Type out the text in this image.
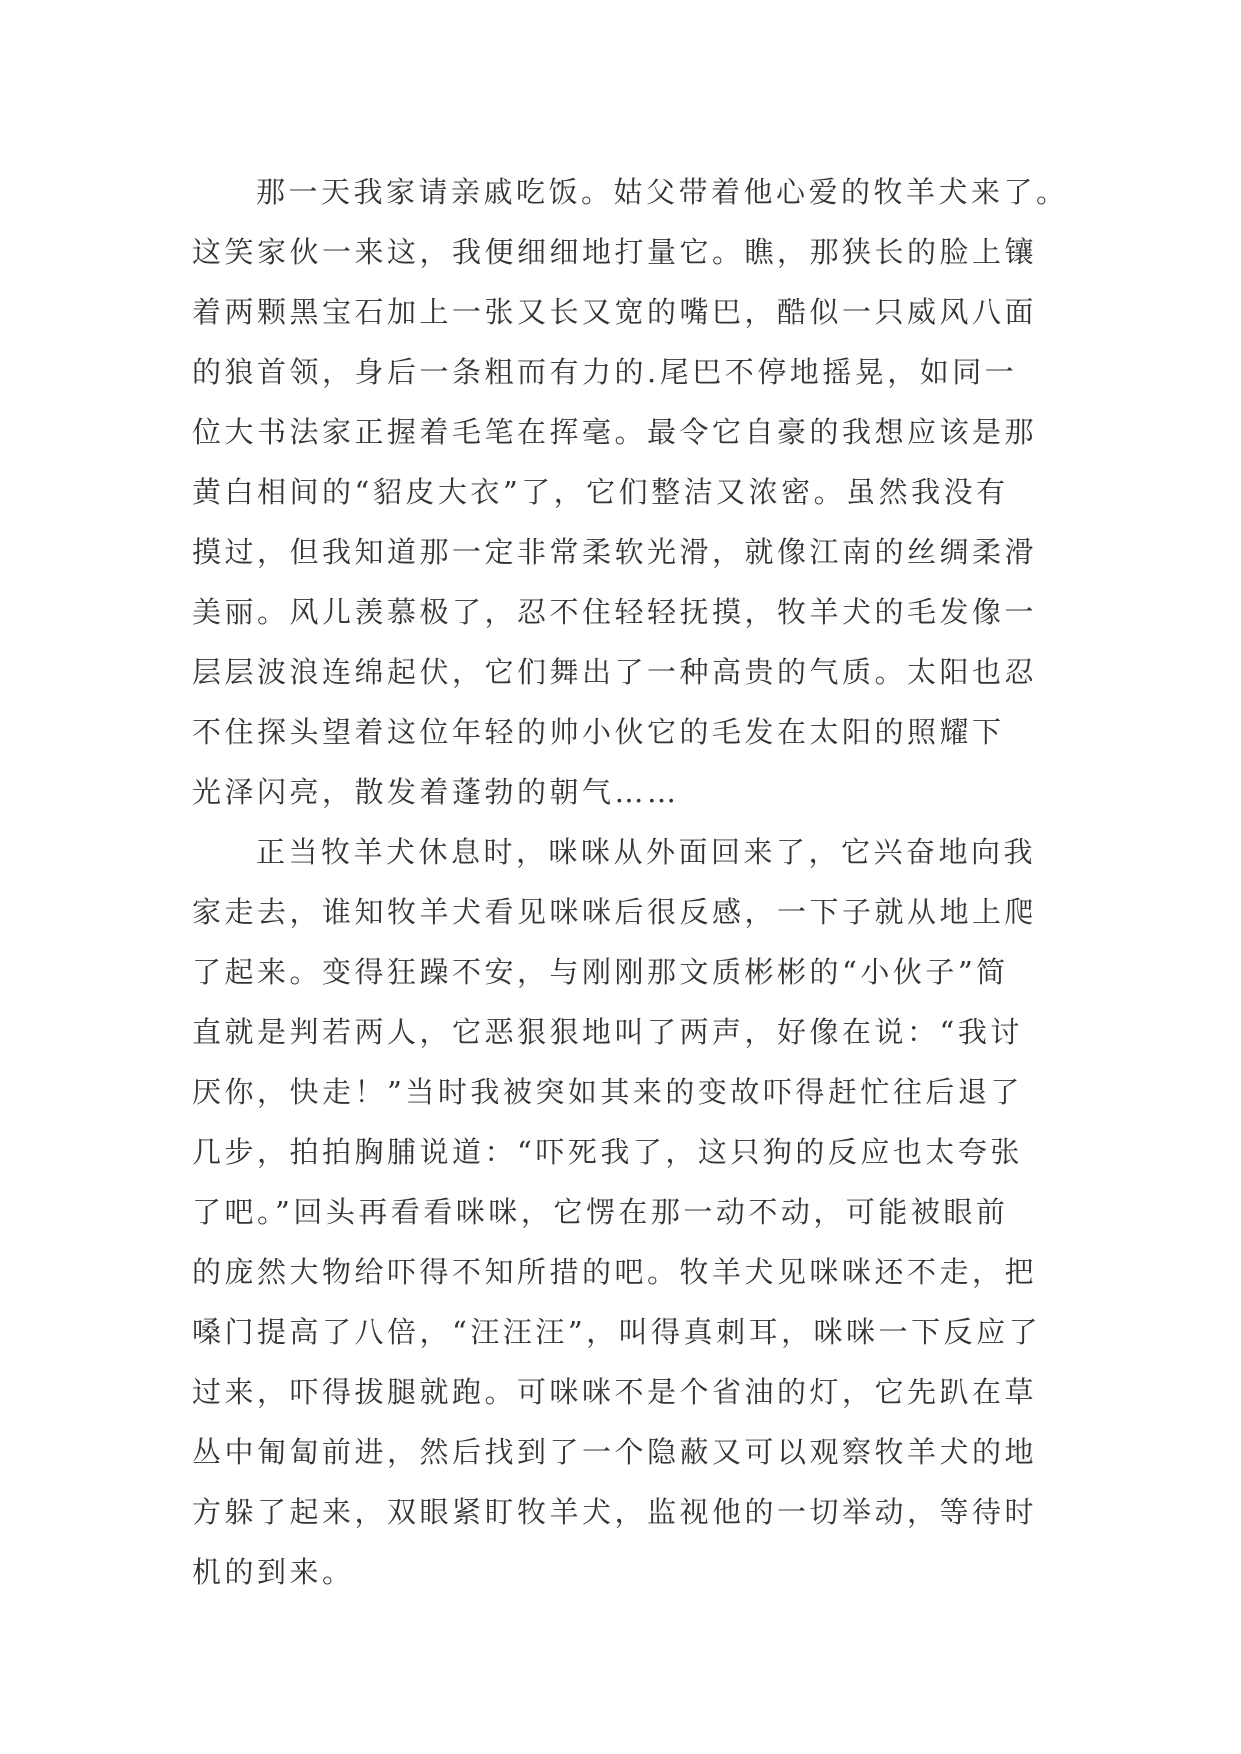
那一天我家请亲戚吃饭。姑父带着他心爱的牧羊犬来了。
这笑家伙一来这，我便细细地打量它。瞧，那狭长的脸上镶
着两颗黑宝石加上一张又长又宽的嘴巴，酷似一只威风八面
的狼首领，身后一条粗而有力的.尾巴不停地摇晃，如同一
位大书法家正握着毛笔在挥毫。最令它自豪的我想应该是那
黄白相间的“貂皮大衣”了，它们整洁又浓密。虽然我没有
摸过，但我知道那一定非常柔软光滑，就像江南的丝绸柔滑
美丽。风儿羡慕极了，忍不住轻轻抚摸，牧羊犬的毛发像一
层层波浪连绵起伏，它们舞出了一种高贵的气质。太阳也忍
不住探头望着这位年轻的帅小伙它的毛发在太阳的照耀下
光泽闪亮，散发着蓬勃的朝气……
正当牧羊犬休息时，咪咪从外面回来了，它兴奋地向我
家走去，谁知牧羊犬看见咪咪后很反感，一下子就从地上爬
了起来。变得狂躁不安，与刚刚那文质彬彬的“小伙子”简
直就是判若两人，它恶狠狠地叫了两声，好像在说：“我讨
厌你，快走！”当时我被突如其来的变故吓得赶忙往后退了
几步，拍拍胸脯说道：“吓死我了，这只狗的反应也太夸张
了吧。”回头再看看咪咪，它愣在那一动不动，可能被眼前
的庞然大物给吓得不知所措的吧。牧羊犬见咪咪还不走，把
嗓门提高了八倍，“汪汪汪”，叫得真刺耳，咪咪一下反应了
过来，吓得拔腿就跑。可咪咪不是个省油的灯，它先趴在草
丛中匍匐前进，然后找到了一个隐蔽又可以观察牧羊犬的地
方躲了起来，双眼紧盯牧羊犬，监视他的一切举动，等待时
机的到来。
